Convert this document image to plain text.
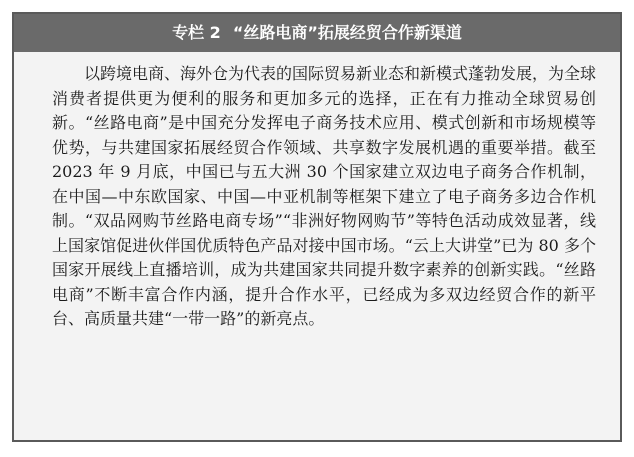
专栏 2 “丝路电商”拓展经贸合作新渠道
以跨境电商、海外仓为代表的国际贸易新业态和新模式蓬勃发展，为全球消费者提供更为便利的服务和更加多元的选择，正在有力推动全球贸易创新。“丝路电商”是中国充分发挥电子商务技术应用、模式创新和市场规模等优势，与共建国家拓展经贸合作领域、共享数字发展机遇的重要举措。截至 2023 年 9 月底，中国已与五大洲 30 个国家建立双边电子商务合作机制，在中国—中东欧国家、中国—中亚机制等框架下建立了电子商务多边合作机制。“双品网购节丝路电商专场”“非洲好物网购节”等特色活动成效显著，线上国家馆促进伙伴国优质特色产品对接中国市场。“云上大讲堂”已为 80 多个国家开展线上直播培训，成为共建国家共同提升数字素养的创新实践。“丝路电商”不断丰富合作内涵，提升合作水平，已经成为多双边经贸合作的新平台、高质量共建“一带一路”的新亮点。
